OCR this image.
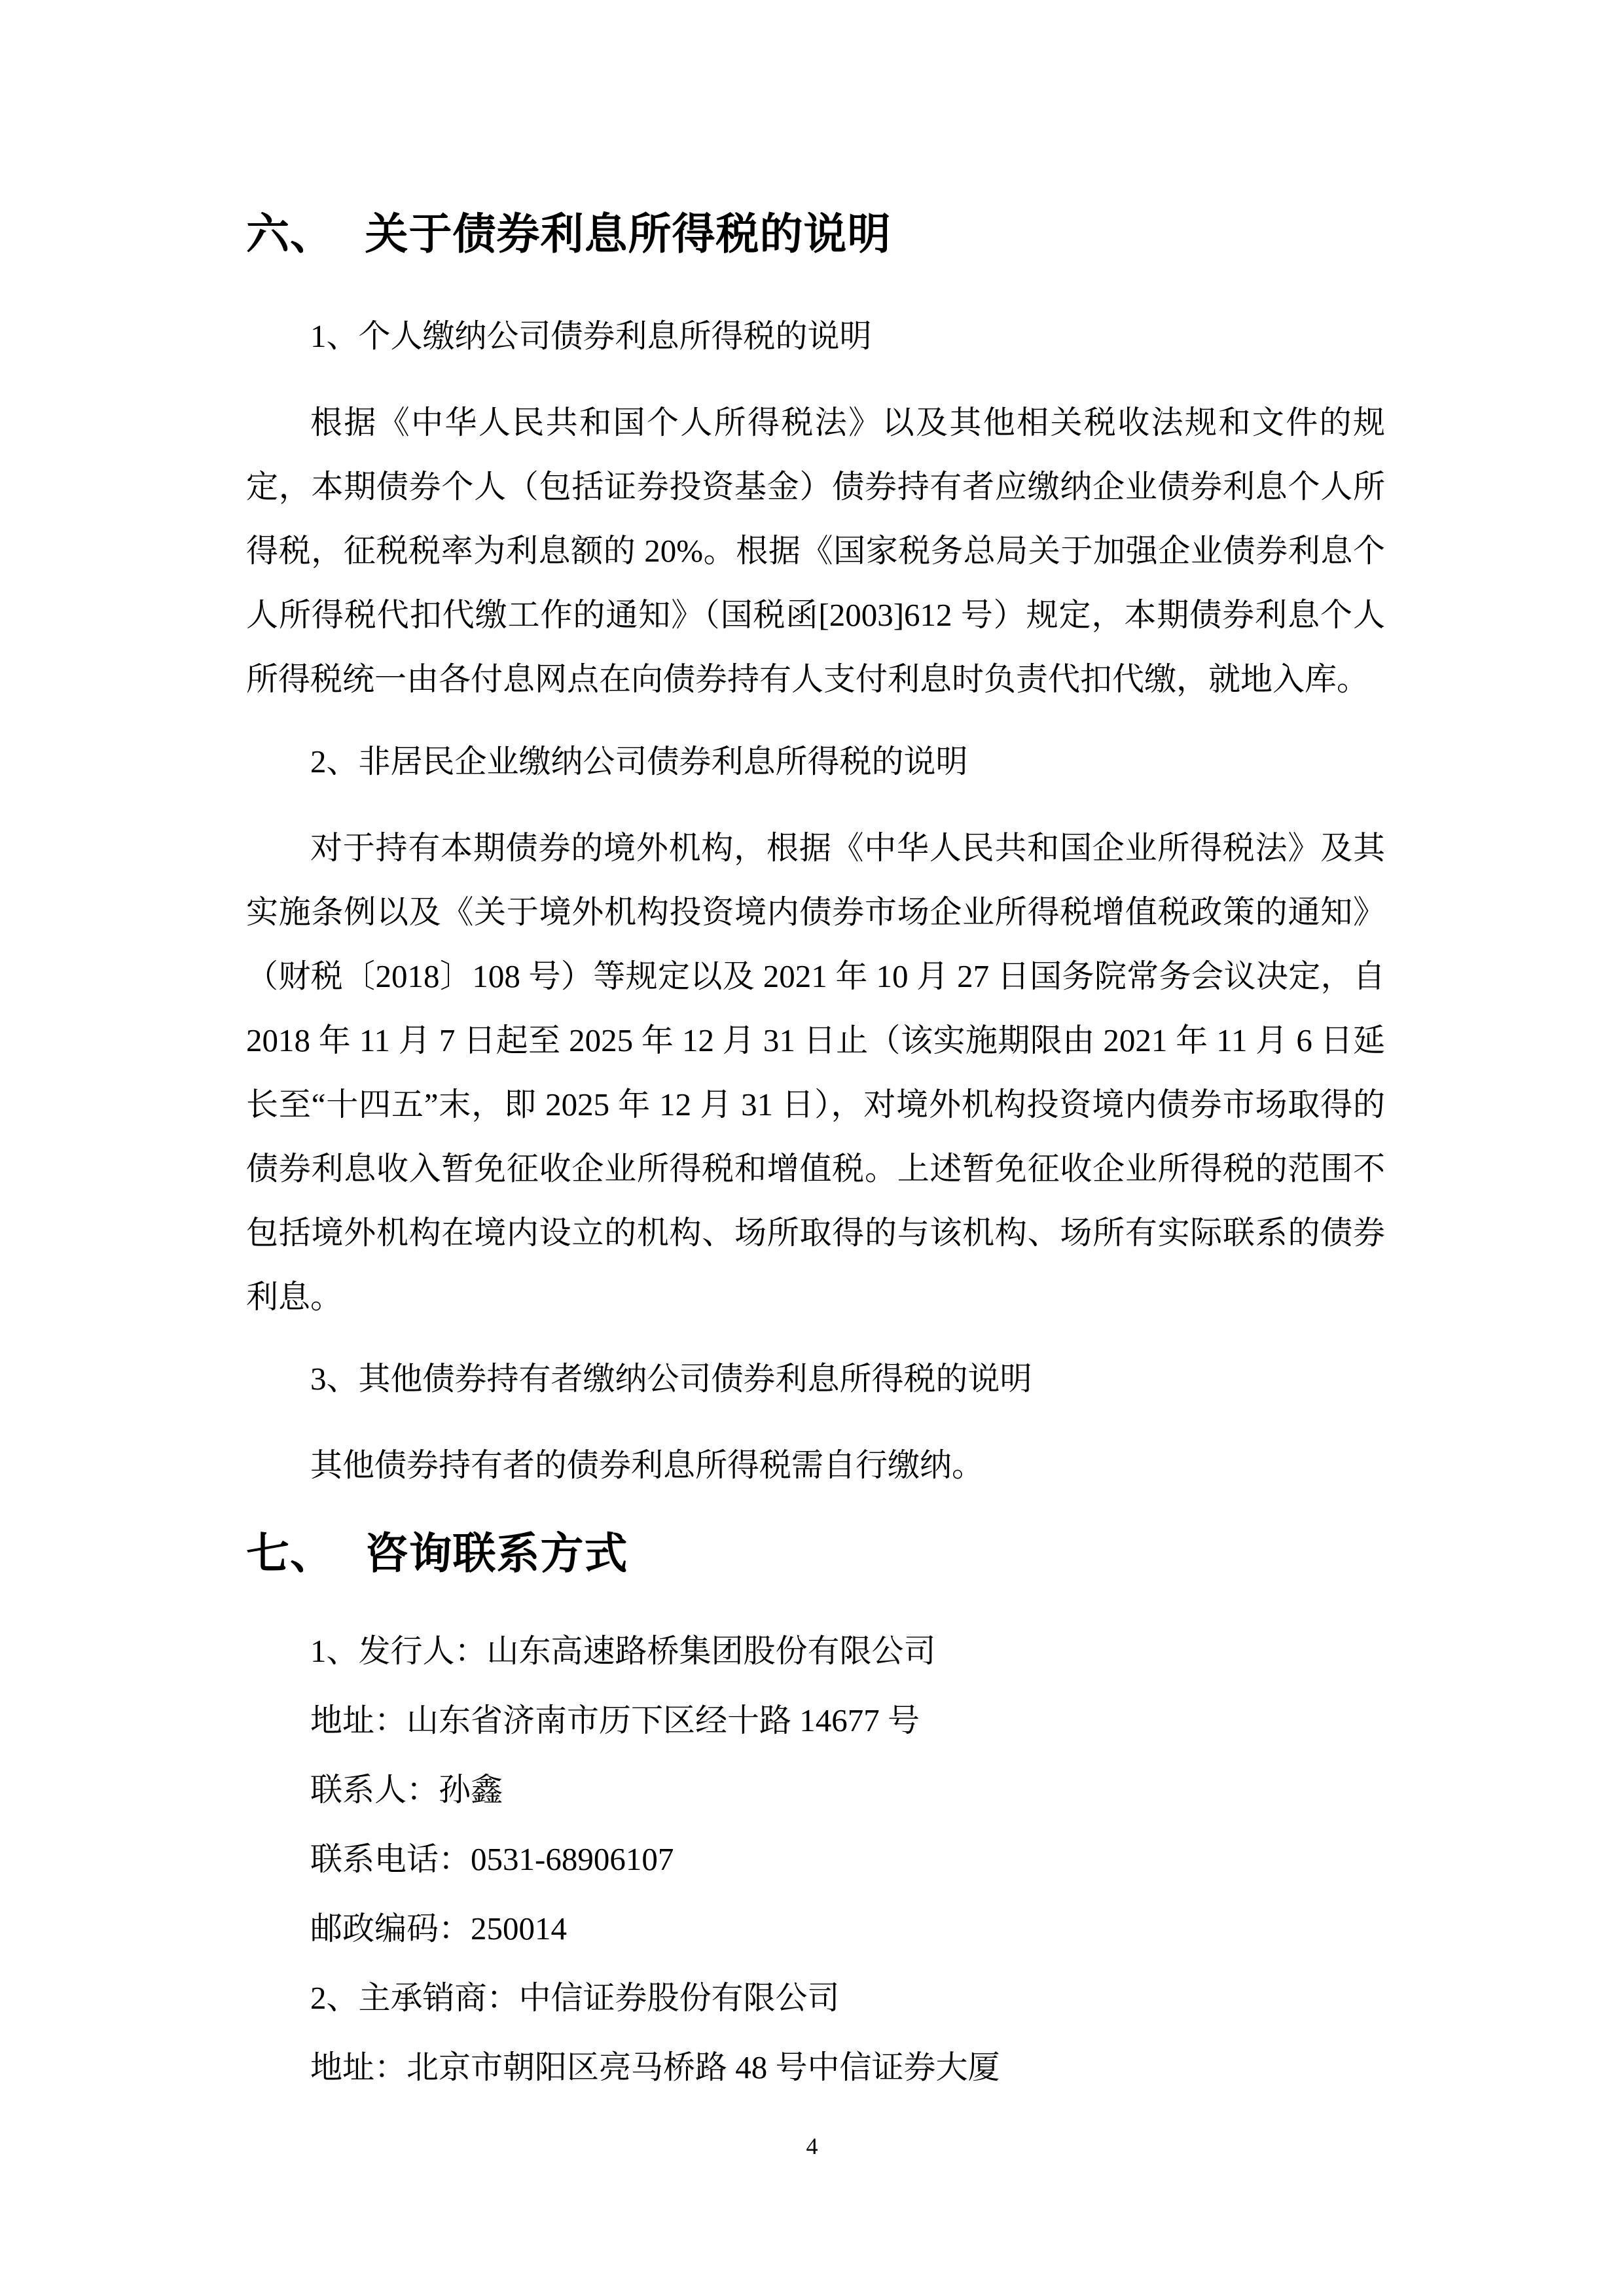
六、 关于债券利息所得税的说明

1、个人缴纳公司债券利息所得税的说明

根据《中华人民共和国个人所得税法》以及其他相关税收法规和文件的规定，本期债券个人（包括证券投资基金）债券持有者应缴纳企业债券利息个人所得税，征税税率为利息额的 20%。根据《国家税务总局关于加强企业债券利息个人所得税代扣代缴工作的通知》（国税函[2003]612 号）规定，本期债券利息个人所得税统一由各付息网点在向债券持有人支付利息时负责代扣代缴，就地入库。

2、非居民企业缴纳公司债券利息所得税的说明

对于持有本期债券的境外机构，根据《中华人民共和国企业所得税法》及其实施条例以及《关于境外机构投资境内债券市场企业所得税增值税政策的通知》（财税〔2018〕108 号）等规定以及 2021 年 10 月 27 日国务院常务会议决定，自 2018 年 11 月 7 日起至 2025 年 12 月 31 日止（该实施期限由 2021 年 11 月 6 日延长至“十四五”末，即 2025 年 12 月 31 日），对境外机构投资境内债券市场取得的债券利息收入暂免征收企业所得税和增值税。上述暂免征收企业所得税的范围不包括境外机构在境内设立的机构、场所取得的与该机构、场所有实际联系的债券利息。

3、其他债券持有者缴纳公司债券利息所得税的说明

其他债券持有者的债券利息所得税需自行缴纳。

七、 咨询联系方式

1、发行人：山东高速路桥集团股份有限公司

地址：山东省济南市历下区经十路 14677 号

联系人：孙鑫

联系电话：0531-68906107

邮政编码：250014

2、主承销商：中信证券股份有限公司

地址：北京市朝阳区亮马桥路 48 号中信证券大厦

4
